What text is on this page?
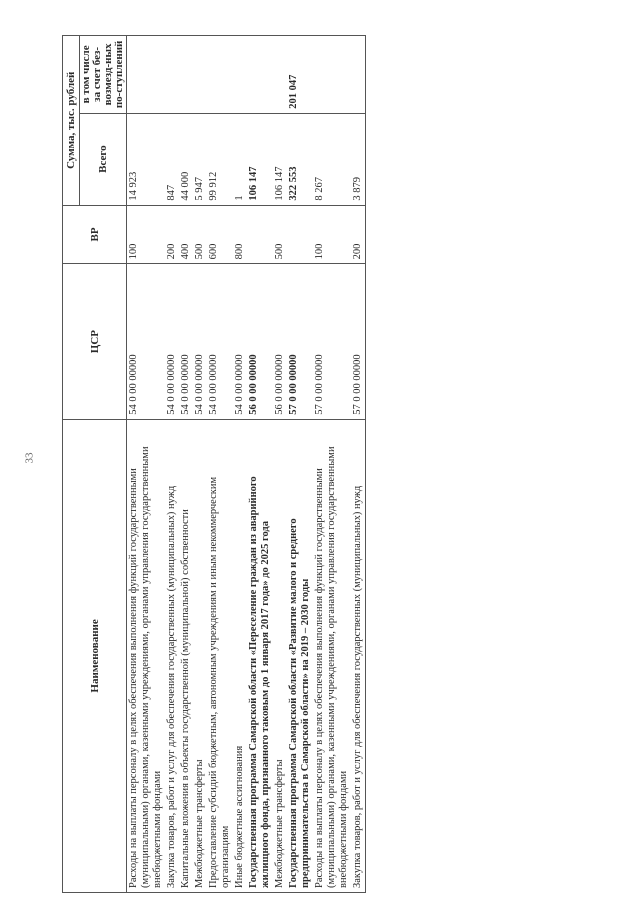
33
Наименование	ЦСР	ВР	Сумма, тыс. рублей	
			Всего	в том числе за счет без-возмезд-ных по-ступлений
Расходы на выплаты персоналу в целях обеспечения выполнения функций государственными (муниципальными) органами, казенными учреждениями, органами управления государственными внебюджетными фондами	54 0 00 00000	100	14 923	
Закупка товаров, работ и услуг для обеспечения государственных (муниципальных) нужд	54 0 00 00000	200	847	
Капитальные вложения в объекты государственной (муниципальной) собственности	54 0 00 00000	400	44 000	
Межбюджетные трансферты	54 0 00 00000	500	5 947	
Предоставление субсидий бюджетным, автономным учреждениям и иным некоммерческим организациям	54 0 00 00000	600	99 912	
Иные бюджетные ассигнования	54 0 00 00000	800	1	
Государственная программа Самарской области «Переселение граждан из аварийного жилищного фонда, признанного таковым до 1 января 2017 года» до 2025 года	56 0 00 00000		106 147	
Межбюджетные трансферты	56 0 00 00000	500	106 147	
Государственная программа Самарской области «Развитие малого и среднего предпринимательства в Самарской области» на 2019 – 2030 годы	57 0 00 00000		322 553	201 047
Расходы на выплаты персоналу в целях обеспечения выполнения функций государственными (муниципальными) органами, казенными учреждениями, органами управления государственными внебюджетными фондами	57 0 00 00000	100	8 267	
Закупка товаров, работ и услуг для обеспечения государственных (муниципальных) нужд	57 0 00 00000	200	3 879	
